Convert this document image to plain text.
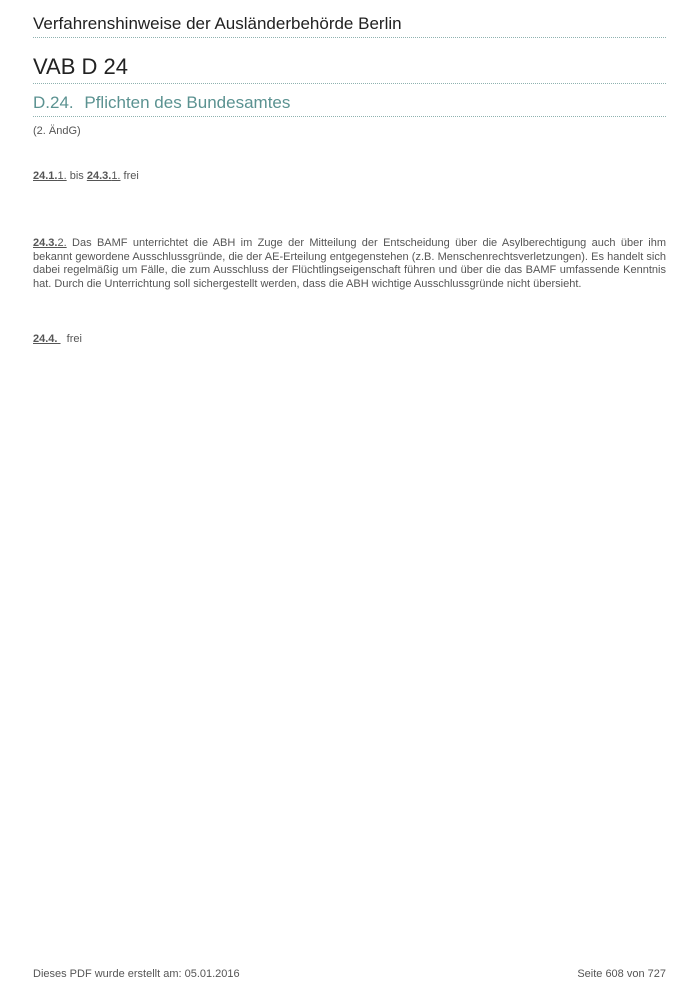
Verfahrenshinweise der Ausländerbehörde Berlin
VAB D 24
D.24. Pflichten des Bundesamtes
(2. ÄndG)
24.1.1. bis 24.3.1. frei
24.3.2. Das BAMF unterrichtet die ABH im Zuge der Mitteilung der Entscheidung über die Asylberechtigung auch über ihm bekannt gewordene Ausschlussgründe, die der AE-Erteilung entgegenstehen (z.B. Menschenrechtsverletzungen). Es handelt sich dabei regelmäßig um Fälle, die zum Ausschluss der Flüchtlingseigenschaft führen und über die das BAMF umfassende Kenntnis hat. Durch die Unterrichtung soll sichergestellt werden, dass die ABH wichtige Ausschlussgründe nicht übersieht.
24.4.   frei
Dieses PDF wurde erstellt am: 05.01.2016	Seite 608 von 727
